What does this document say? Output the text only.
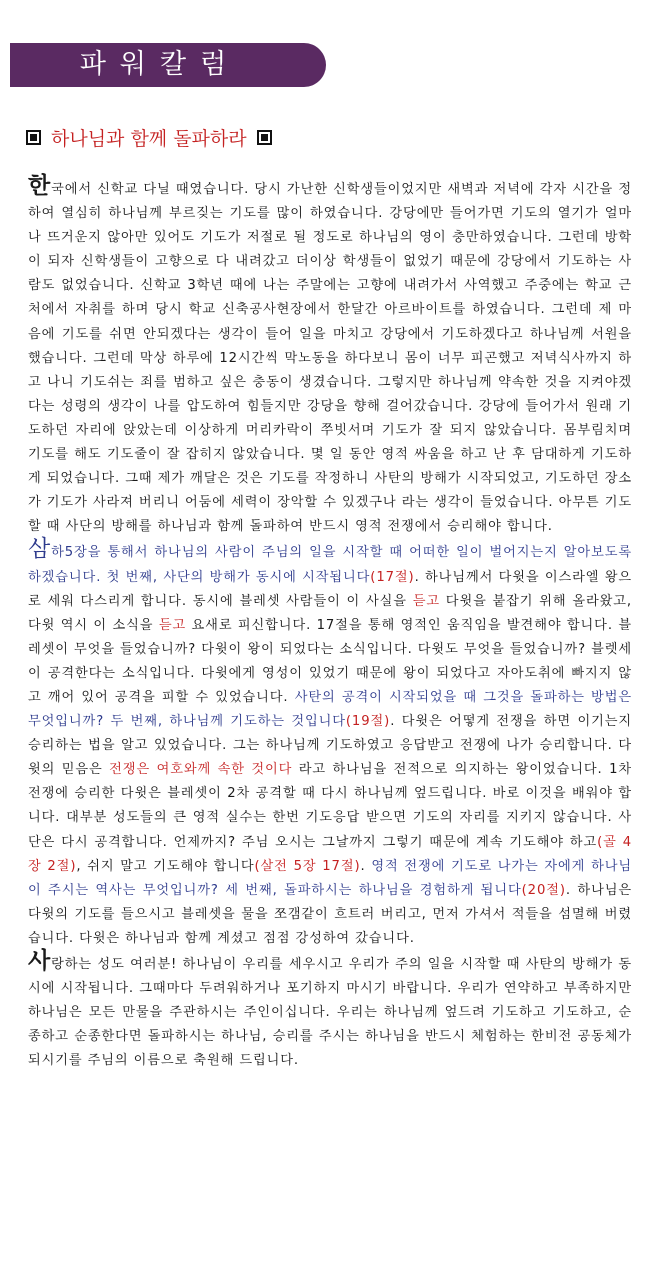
파워칼럼
하나님과 함께 돌파하라

한국에서 신학교 다닐 때였습니다. 당시 가난한 신학생들이었지만 새벽과 저녁에 각자 시간을 정하여 열심히 하나님께 부르짖는 기도를 많이 하였습니다. 강당에만 들어가면 기도의 열기가 얼마나 뜨거운지 않아만 있어도 기도가 저절로 될 정도로 하나님의 영이 충만하였습니다. 그런데 방학이 되자 신학생들이 고향으로 다 내려갔고 더이상 학생들이 없었기 때문에 강당에서 기도하는 사람도 없었습니다. 신학교 3학년 때에 나는 주말에는 고향에 내려가서 사역했고 주중에는 학교 근처에서 자취를 하며 당시 학교 신축공사현장에서 한달간 아르바이트를 하였습니다. 그런데 제 마음에 기도를 쉬면 안되겠다는 생각이 들어 일을 마치고 강당에서 기도하겠다고 하나님께 서원을 했습니다. 그런데 막상 하루에 12시간씩 막노동을 하다보니 몸이 너무 피곤했고 저녁식사까지 하고 나니 기도쉬는 죄를 범하고 싶은 충동이 생겼습니다. 그렇지만 하나님께 약속한 것을 지켜야겠다는 성령의 생각이 나를 압도하여 힘들지만 강당을 향해 걸어갔습니다. 강당에 들어가서 원래 기도하던 자리에 앉았는데 이상하게 머리카락이 쭈빗서며 기도가 잘 되지 않았습니다. 몸부림치며 기도를 해도 기도줄이 잘 잡히지 않았습니다. 몇 일 동안 영적 싸움을 하고 난 후 담대하게 기도하게 되었습니다. 그때 제가 깨달은 것은 기도를 작정하니 사탄의 방해가 시작되었고, 기도하던 장소가 기도가 사라져 버리니 어둠에 세력이 장악할 수 있겠구나 라는 생각이 들었습니다. 아무튼 기도할 때 사단의 방해를 하나님과 함께 돌파하여 반드시 영적 전쟁에서 승리해야 합니다.

삼하5장을 통해서 하나님의 사람이 주님의 일을 시작할 때 어떠한 일이 벌어지는지 알아보도록 하겠습니다. 첫 번째, 사단의 방해가 동시에 시작됩니다(17절). 하나님께서 다윗을 이스라엘 왕으로 세워 다스리게 합니다. 동시에 블레셋 사람들이 이 사실을 듣고 다윗을 붙잡기 위해 올라왔고, 다윗 역시 이 소식을 듣고 요새로 피신합니다. 17절을 통해 영적인 움직임을 발견해야 합니다. 블레셋이 무엇을 들었습니까? 다윗이 왕이 되었다는 소식입니다. 다윗도 무엇을 들었습니까? 블렛세이 공격한다는 소식입니다. 다윗에게 영성이 있었기 때문에 왕이 되었다고 자아도취에 빠지지 않고 깨어 있어 공격을 피할 수 있었습니다. 사탄의 공격이 시작되었을 때 그것을 돌파하는 방법은 무엇입니까? 두 번째, 하나님께 기도하는 것입니다(19절). 다윗은 어떻게 전쟁을 하면 이기는지 승리하는 법을 알고 있었습니다. 그는 하나님께 기도하였고 응답받고 전쟁에 나가 승리합니다. 다윗의 믿음은 전쟁은 여호와께 속한 것이다 라고 하나님을 전적으로 의지하는 왕이었습니다. 1차 전쟁에 승리한 다윗은 블레셋이 2차 공격할 때 다시 하나님께 엎드립니다. 바로 이것을 배워야 합니다. 대부분 성도들의 큰 영적 실수는 한번 기도응답 받으면 기도의 자리를 지키지 않습니다. 사단은 다시 공격합니다. 언제까지? 주님 오시는 그날까지 그렇기 때문에 계속 기도해야 하고(골 4장 2절), 쉬지 말고 기도해야 합니다(살전 5장 17절). 영적 전쟁에 기도로 나가는 자에게 하나님이 주시는 역사는 무엇입니까? 세 번째, 돌파하시는 하나님을 경험하게 됩니다(20절). 하나님은 다윗의 기도를 들으시고 블레셋을 물을 쪼갬같이 흐트러 버리고, 먼저 가셔서 적들을 섬멸해 버렸습니다. 다윗은 하나님과 함께 계셨고 점점 강성하여 갔습니다.

사랑하는 성도 여러분! 하나님이 우리를 세우시고 우리가 주의 일을 시작할 때 사탄의 방해가 동시에 시작됩니다. 그때마다 두려워하거나 포기하지 마시기 바랍니다. 우리가 연약하고 부족하지만 하나님은 모든 만물을 주관하시는 주인이십니다. 우리는 하나님께 엎드려 기도하고 기도하고, 순종하고 순종한다면 돌파하시는 하나님, 승리를 주시는 하나님을 반드시 체험하는 한비전 공동체가 되시기를 주님의 이름으로 축원해 드립니다.
